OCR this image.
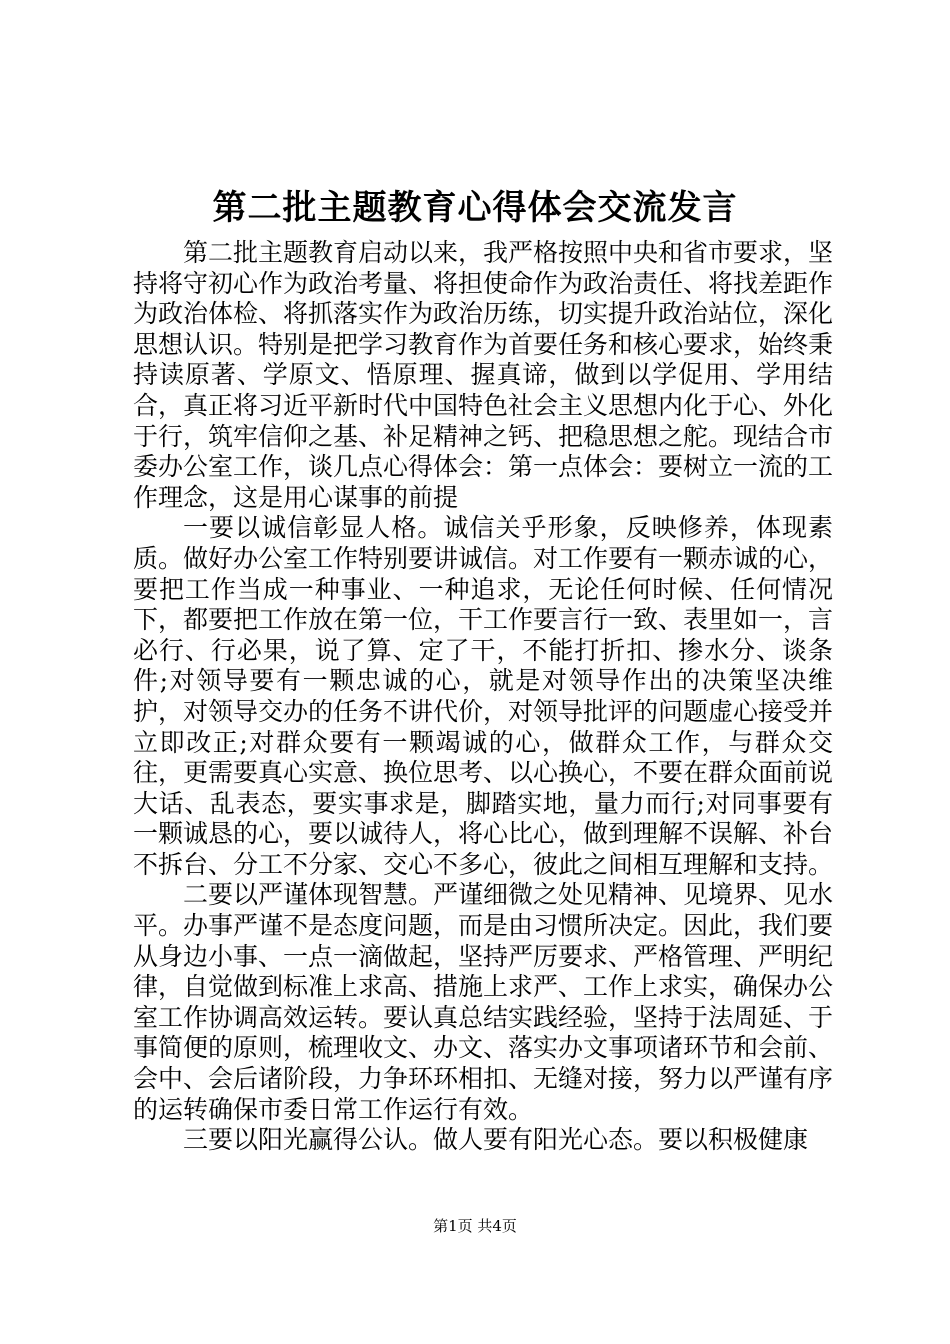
第二批主题教育心得体会交流发言

第二批主题教育启动以来，我严格按照中央和省市要求，坚持将守初心作为政治考量、将担使命作为政治责任、将找差距作为政治体检、将抓落实作为政治历练，切实提升政治站位，深化思想认识。特别是把学习教育作为首要任务和核心要求，始终秉持读原著、学原文、悟原理、握真谛，做到以学促用、学用结合，真正将习近平新时代中国特色社会主义思想内化于心、外化于行，筑牢信仰之基、补足精神之钙、把稳思想之舵。现结合市委办公室工作，谈几点心得体会：第一点体会：要树立一流的工作理念，这是用心谋事的前提

一要以诚信彰显人格。诚信关乎形象，反映修养，体现素质。做好办公室工作特别要讲诚信。对工作要有一颗赤诚的心，要把工作当成一种事业、一种追求，无论任何时候、任何情况下，都要把工作放在第一位，干工作要言行一致、表里如一，言必行、行必果，说了算、定了干，不能打折扣、掺水分、谈条件;对领导要有一颗忠诚的心，就是对领导作出的决策坚决维护，对领导交办的任务不讲代价，对领导批评的问题虚心接受并立即改正;对群众要有一颗竭诚的心，做群众工作，与群众交往，更需要真心实意、换位思考、以心换心，不要在群众面前说大话、乱表态，要实事求是，脚踏实地，量力而行;对同事要有一颗诚恳的心，要以诚待人，将心比心，做到理解不误解、补台不拆台、分工不分家、交心不多心，彼此之间相互理解和支持。

二要以严谨体现智慧。严谨细微之处见精神、见境界、见水平。办事严谨不是态度问题，而是由习惯所决定。因此，我们要从身边小事、一点一滴做起，坚持严厉要求、严格管理、严明纪律，自觉做到标准上求高、措施上求严、工作上求实，确保办公室工作协调高效运转。要认真总结实践经验，坚持于法周延、于事简便的原则，梳理收文、办文、落实办文事项诸环节和会前、会中、会后诸阶段，力争环环相扣、无缝对接，努力以严谨有序的运转确保市委日常工作运行有效。

三要以阳光赢得公认。做人要有阳光心态。要以积极健康

第1页 共4页
